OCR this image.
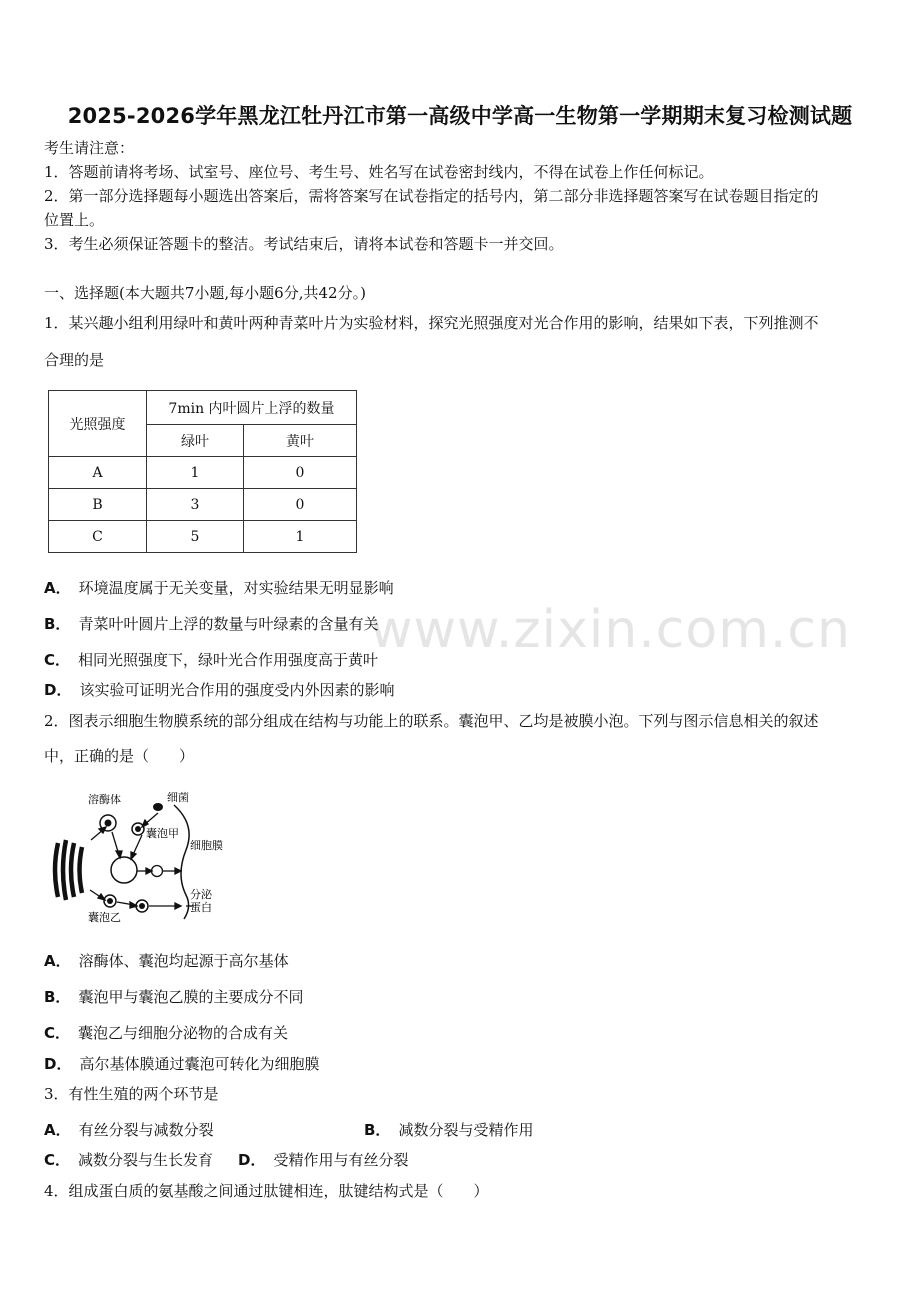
2025-2026学年黑龙江牡丹江市第一高级中学高一生物第一学期期末复习检测试题
考生请注意：
1．答题前请将考场、试室号、座位号、考生号、姓名写在试卷密封线内，不得在试卷上作任何标记。
2．第一部分选择题每小题选出答案后，需将答案写在试卷指定的括号内，第二部分非选择题答案写在试卷题目指定的
位置上。
3．考生必须保证答题卡的整洁。考试结束后，请将本试卷和答题卡一并交回。
一、选择题(本大题共7小题,每小题6分,共42分。)
1．某兴趣小组利用绿叶和黄叶两种青菜叶片为实验材料，探究光照强度对光合作用的影响，结果如下表，下列推测不
合理的是
光照强度	7min 内叶圆片上浮的数量	
	绿叶	黄叶
A	1	0
B	3	0
C	5	1
www.zixin.com.cn
A． 环境温度属于无关变量，对实验结果无明显影响
B． 青菜叶叶圆片上浮的数量与叶绿素的含量有关
C． 相同光照强度下，绿叶光合作用强度高于黄叶
D． 该实验可证明光合作用的强度受内外因素的影响
2．图表示细胞生物膜系统的部分组成在结构与功能上的联系。囊泡甲、乙均是被膜小泡。下列与图示信息相关的叙述
中，正确的是（　　）
溶酶体	细菌
囊泡甲
细胞膜
分泌
蛋白
囊泡乙
A． 溶酶体、囊泡均起源于高尔基体
B． 囊泡甲与囊泡乙膜的主要成分不同
C． 囊泡乙与细胞分泌物的合成有关
D． 高尔基体膜通过囊泡可转化为细胞膜
3．有性生殖的两个环节是
A． 有丝分裂与减数分裂	B． 减数分裂与受精作用
C． 减数分裂与生长发育 D． 受精作用与有丝分裂
4．组成蛋白质的氨基酸之间通过肽键相连，肽键结构式是（　　）
